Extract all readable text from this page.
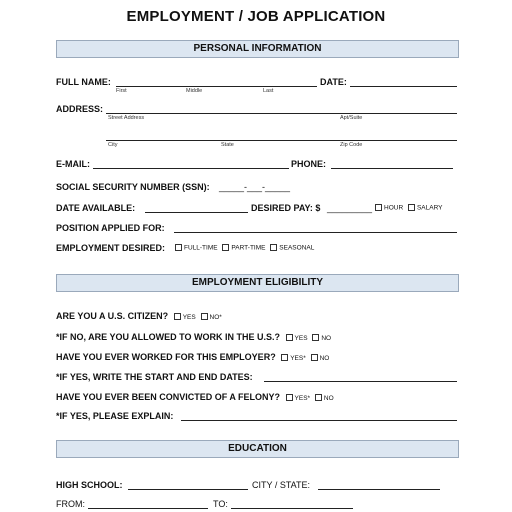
EMPLOYMENT / JOB APPLICATION
PERSONAL INFORMATION
FULL NAME:
First	Middle	Last
DATE:
ADDRESS:
Street Address	Apt/Suite
City	State	Zip Code
E-MAIL:	PHONE:
SOCIAL SECURITY NUMBER (SSN): _____-___-_____
DATE AVAILABLE:	DESIRED PAY: $ _________	HOUR SALARY
POSITION APPLIED FOR:
EMPLOYMENT DESIRED:	FULL-TIME PART-TIME SEASONAL
EMPLOYMENT ELIGIBILITY
ARE YOU A U.S. CITIZEN? YES NO*
*IF NO, ARE YOU ALLOWED TO WORK IN THE U.S.? YES NO
HAVE YOU EVER WORKED FOR THIS EMPLOYER? YES* NO
*IF YES, WRITE THE START AND END DATES:
HAVE YOU EVER BEEN CONVICTED OF A FELONY? YES* NO
*IF YES, PLEASE EXPLAIN:
EDUCATION
HIGH SCHOOL:	CITY / STATE:
FROM:	TO:
